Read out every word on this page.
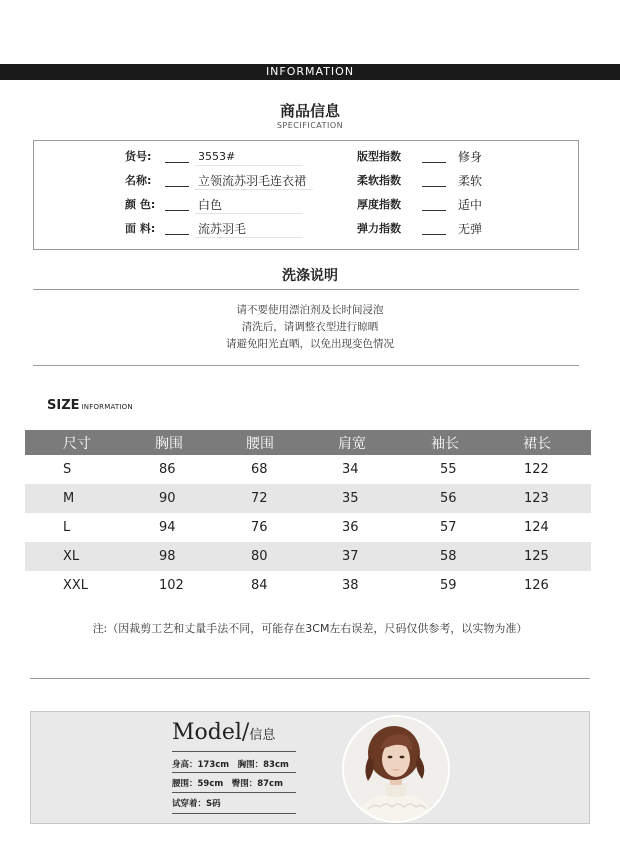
INFORMATION
商品信息
SPECIFICATION
货号:	3553#
名称:	立领流苏羽毛连衣裙
颜 色:	白色
面 料:	流苏羽毛
版型指数	修身
柔软指数	柔软
厚度指数	适中
弹力指数	无弹
洗涤说明
请不要使用漂泊剂及长时间浸泡
清洗后，请调整衣型进行晾晒
请避免阳光直晒，以免出现变色情况
SIZE INFORMATION
尺寸	胸围	腰围	肩宽	袖长	裙长
S	86	68	34	55	122
M	90	72	35	56	123
L	94	76	36	57	124
XL	98	80	37	58	125
XXL	102	84	38	59	126
注:（因裁剪工艺和丈量手法不同，可能存在3CM左右误差，尺码仅供参考，以实物为准）
Model/信息
身高：173cm　胸围：83cm
腰围：59cm　臀围：87cm
试穿着：S码
